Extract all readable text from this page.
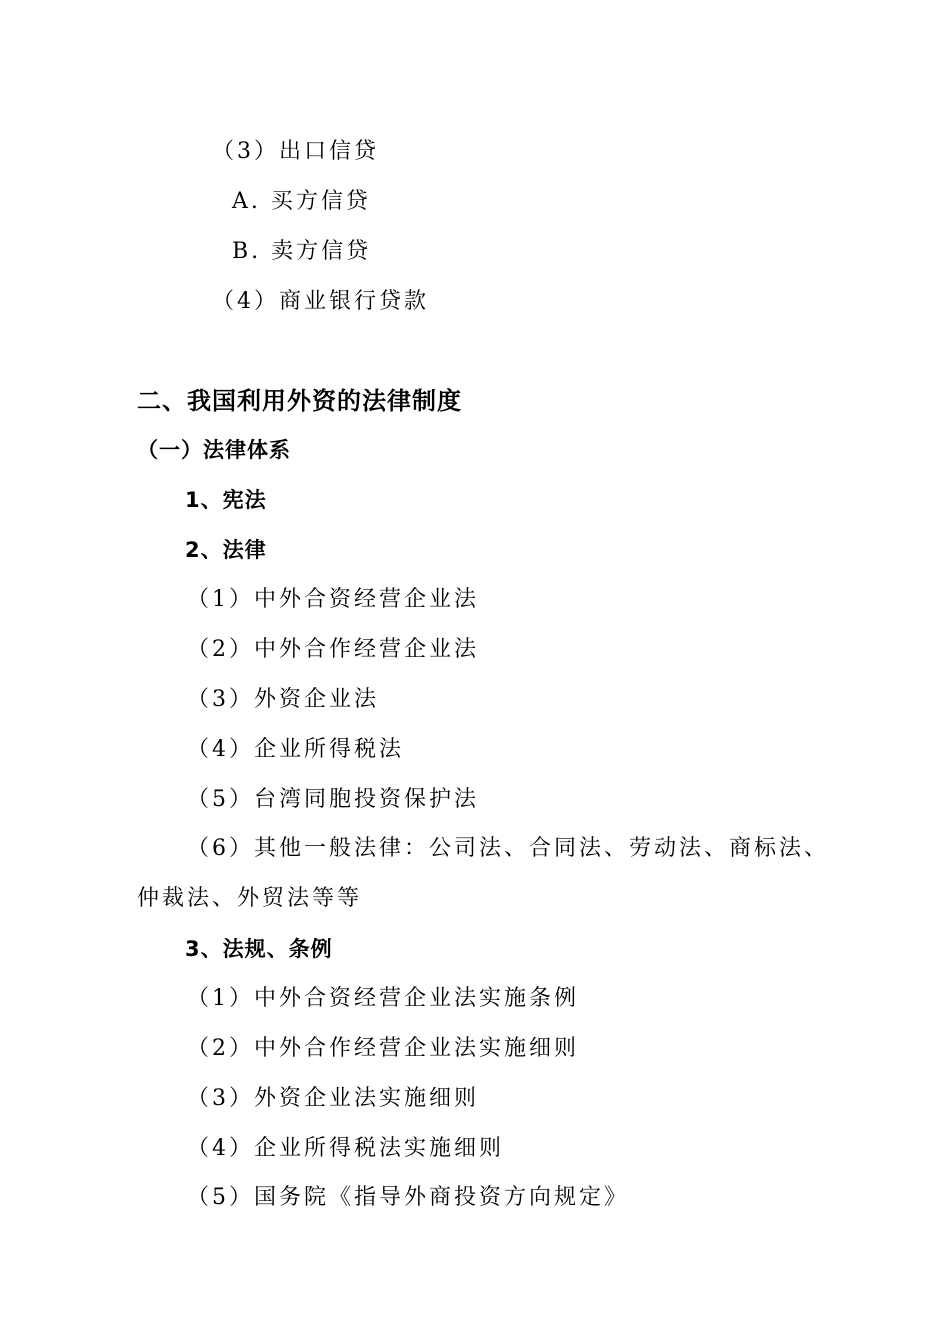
（3）出口信贷
A. 买方信贷
B. 卖方信贷
（4）商业银行贷款
二、我国利用外资的法律制度
（一）法律体系
1、宪法
2、法律
（1）中外合资经营企业法
（2）中外合作经营企业法
（3）外资企业法
（4）企业所得税法
（5）台湾同胞投资保护法
（6）其他一般法律：公司法、合同法、劳动法、商标法、
仲裁法、外贸法等等
3、法规、条例
（1）中外合资经营企业法实施条例
（2）中外合作经营企业法实施细则
（3）外资企业法实施细则
（4）企业所得税法实施细则
（5）国务院《指导外商投资方向规定》
